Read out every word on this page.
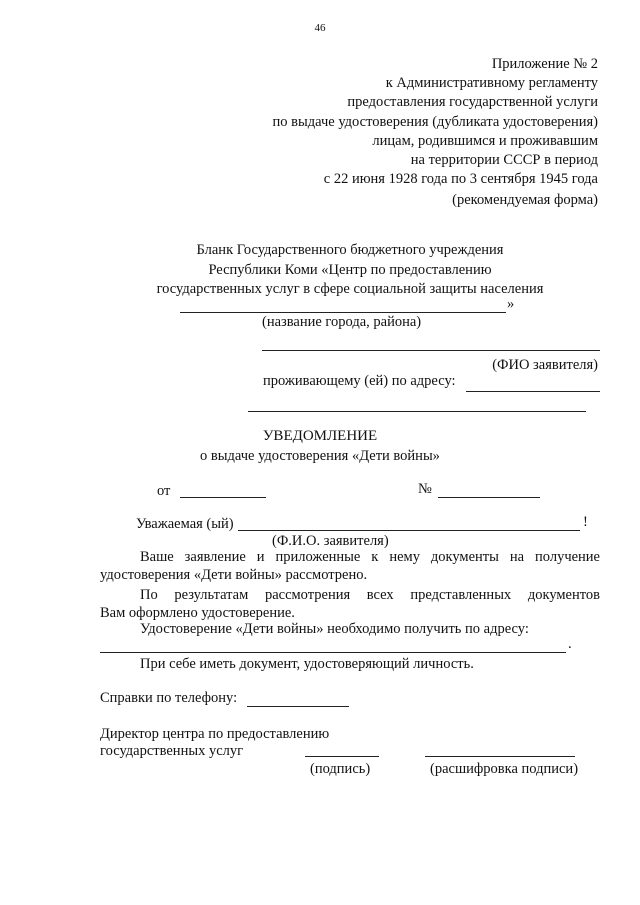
46
Приложение № 2
к Административному регламенту
предоставления государственной услуги
по выдаче удостоверения (дубликата удостоверения)
лицам, родившимся и проживавшим
на территории СССР в период
с 22 июня 1928 года по 3 сентября 1945 года
(рекомендуемая форма)
Бланк Государственного бюджетного учреждения
Республики Коми «Центр по предоставлению
государственных услуг в сфере социальной защиты населения
»
(название города, района)
(ФИО заявителя)
проживающему (ей) по адресу:
УВЕДОМЛЕНИЕ
о выдаче удостоверения «Дети войны»
от	№
Уважаемая (ый)	!
(Ф.И.О. заявителя)
Ваше заявление и приложенные к нему документы на получение
удостоверения «Дети войны» рассмотрено.
По результатам рассмотрения всех представленных документов
Вам оформлено удостоверение.
Удостоверение «Дети войны» необходимо получить по адресу:
.
При себе иметь документ, удостоверяющий личность.
Справки по телефону:
Директор центра по предоставлению
государственных услуг
(подпись)	(расшифровка подписи)
